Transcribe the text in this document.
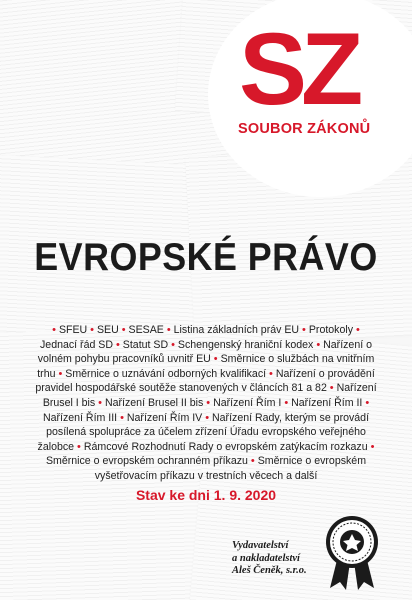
SZ
SOUBOR ZÁKONŮ
EVROPSKÉ PRÁVO
• SFEU • SEU • SESAE • Listina základních práv EU • Protokoly • Jednací řád SD • Statut SD • Schengenský hraniční kodex • Nařízení o volném pohybu pracovníků uvnitř EU • Směrnice o službách na vnitřním trhu • Směrnice o uznávání odborných kvalifikací • Nařízení o provádění pravidel hospodářské soutěže stanovených v článcích 81 a 82 • Nařízení Brusel I bis • Nařízení Brusel II bis • Nařízení Řím I • Nařízení Řím II • Nařízení Řím III • Nařízení Řím IV • Nařízení Rady, kterým se provádí posílená spolupráce za účelem zřízení Úřadu evropského veřejného žalobce • Rámcové Rozhodnutí Rady o evropském zatýkacím rozkazu • Směrnice o evropském ochranném příkazu • Směrnice o evropském vyšetřovacím příkazu v trestních věcech a další
Stav ke dni 1. 9. 2020
Vydavatelství
a nakladatelství
Aleš Čeněk, s.r.o.
